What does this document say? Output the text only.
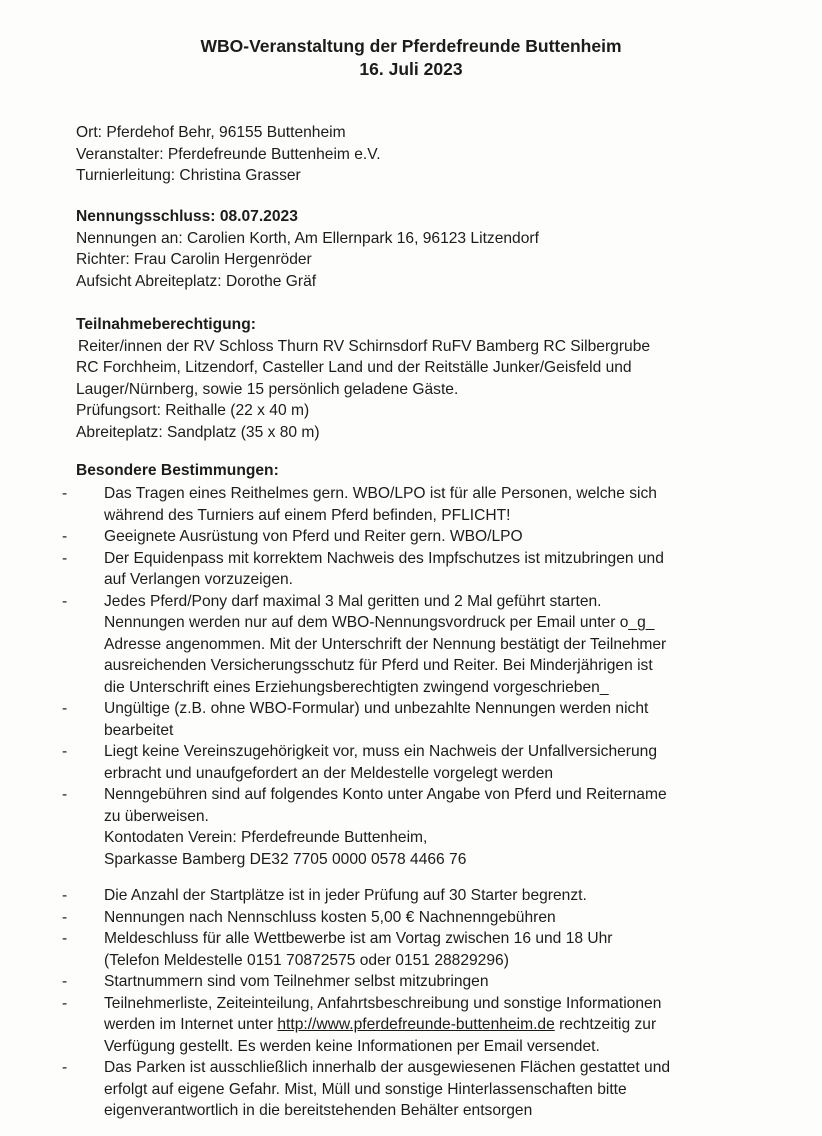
WBO-Veranstaltung der Pferdefreunde Buttenheim
16. Juli 2023
Ort: Pferdehof Behr, 96155 Buttenheim
Veranstalter: Pferdefreunde Buttenheim e.V.
Turnierleitung: Christina Grasser
Nennungsschluss: 08.07.2023
Nennungen an: Carolien Korth, Am Ellernpark 16, 96123 Litzendorf
Richter: Frau Carolin Hergenröder
Aufsicht Abreiteplatz: Dorothe Gräf
Teilnahmeberechtigung:
Reiter/innen der RV Schloss Thurn RV Schirnsdorf RuFV Bamberg RC Silbergrube
RC Forchheim, Litzendorf, Casteller Land und der Reitställe Junker/Geisfeld und
Lauger/Nürnberg, sowie 15 persönlich geladene Gäste.
Prüfungsort: Reithalle (22 x 40 m)
Abreiteplatz: Sandplatz (35 x 80 m)
Besondere Bestimmungen:
- Das Tragen eines Reithelmes gern. WBO/LPO ist für alle Personen, welche sich
während des Turniers auf einem Pferd befinden, PFLICHT!
- Geeignete Ausrüstung von Pferd und Reiter gern. WBO/LPO
- Der Equidenpass mit korrektem Nachweis des Impfschutzes ist mitzubringen und
auf Verlangen vorzuzeigen.
- Jedes Pferd/Pony darf maximal 3 Mal geritten und 2 Mal geführt starten.
Nennungen werden nur auf dem WBO-Nennungsvordruck per Email unter o_g_
Adresse angenommen. Mit der Unterschrift der Nennung bestätigt der Teilnehmer
ausreichenden Versicherungsschutz für Pferd und Reiter. Bei Minderjährigen ist
die Unterschrift eines Erziehungsberechtigten zwingend vorgeschrieben_
- Ungültige (z.B. ohne WBO-Formular) und unbezahlte Nennungen werden nicht
bearbeitet
- Liegt keine Vereinszugehörigkeit vor, muss ein Nachweis der Unfallversicherung
erbracht und unaufgefordert an der Meldestelle vorgelegt werden
- Nenngebühren sind auf folgendes Konto unter Angabe von Pferd und Reitername
zu überweisen.
Kontodaten Verein: Pferdefreunde Buttenheim,
Sparkasse Bamberg DE32 7705 0000 0578 4466 76
- Die Anzahl der Startplätze ist in jeder Prüfung auf 30 Starter begrenzt.
- Nennungen nach Nennschluss kosten 5,00 € Nachnenngebühren
- Meldeschluss für alle Wettbewerbe ist am Vortag zwischen 16 und 18 Uhr
(Telefon Meldestelle 0151 70872575 oder 0151 28829296)
- Startnummern sind vom Teilnehmer selbst mitzubringen
- Teilnehmerliste, Zeiteinteilung, Anfahrtsbeschreibung und sonstige Informationen
werden im Internet unter http://www.pferdefreunde-buttenheim.de rechtzeitig zur
Verfügung gestellt. Es werden keine Informationen per Email versendet.
- Das Parken ist ausschließlich innerhalb der ausgewiesenen Flächen gestattet und
erfolgt auf eigene Gefahr. Mist, Müll und sonstige Hinterlassenschaften bitte
eigenverantwortlich in die bereitstehenden Behälter entsorgen
